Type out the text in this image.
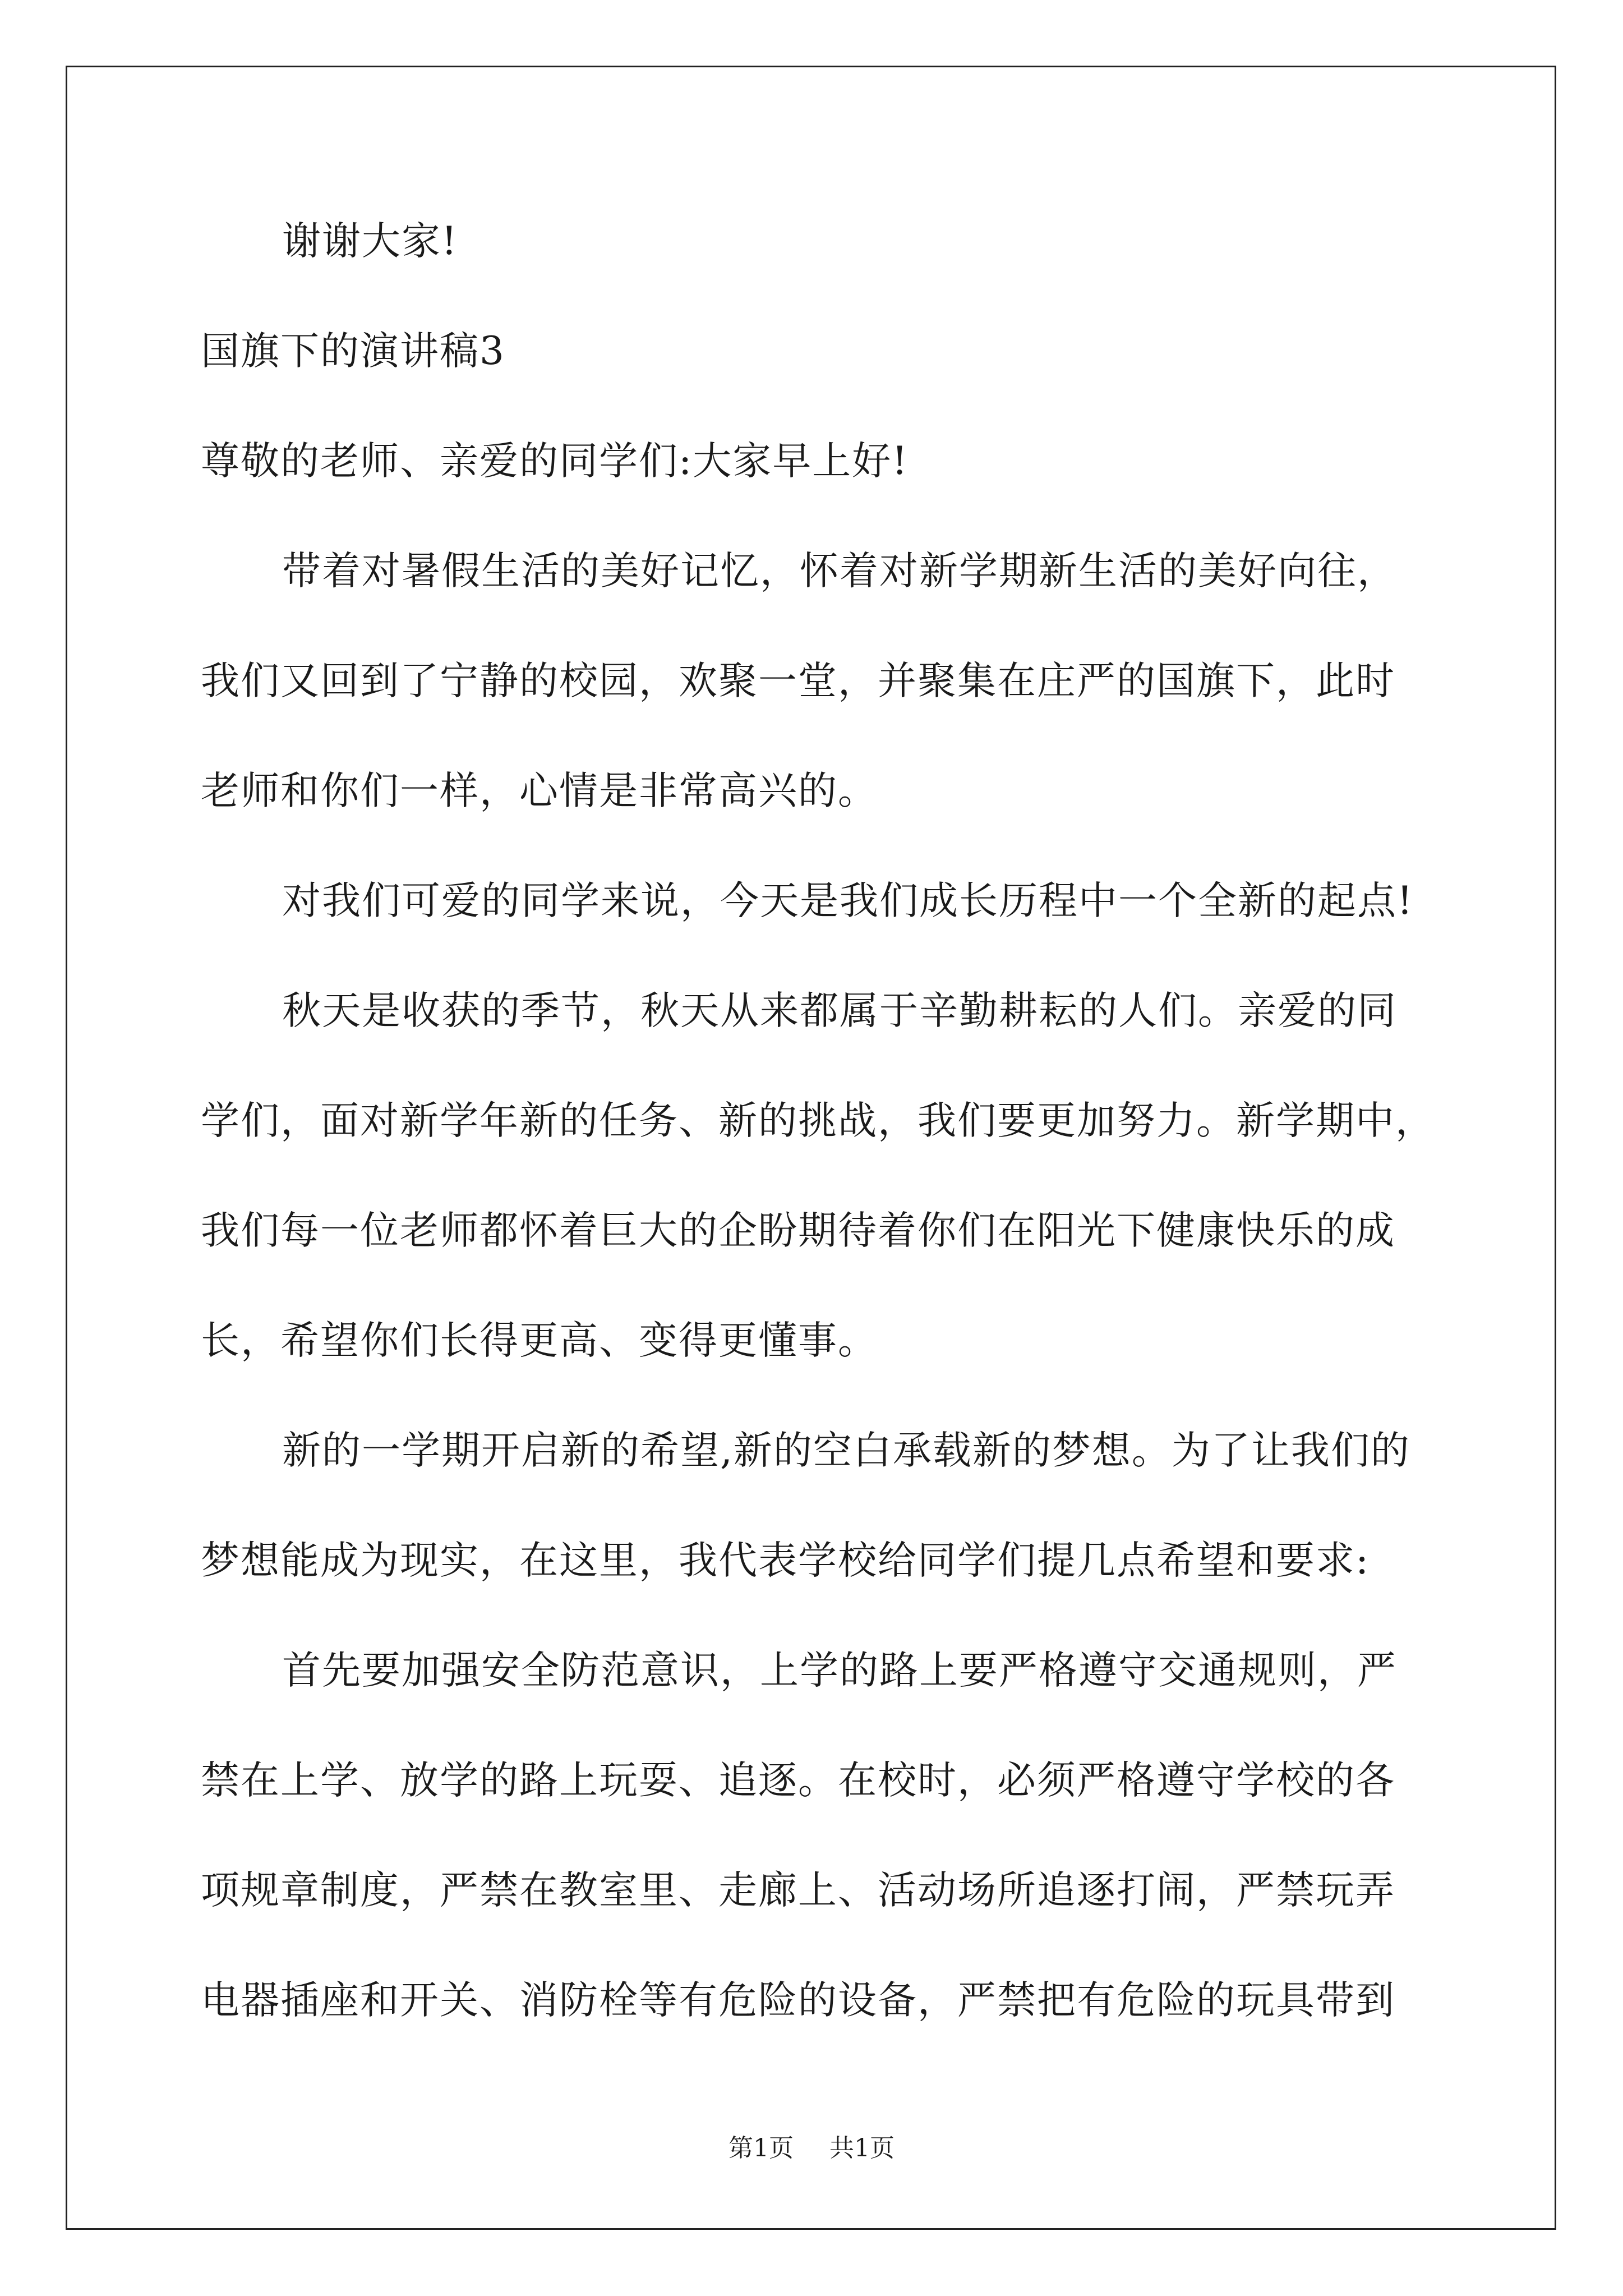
谢谢大家!
国旗下的演讲稿3
尊敬的老师、亲爱的同学们:大家早上好!
带着对暑假生活的美好记忆，怀着对新学期新生活的美好向往，
我们又回到了宁静的校园，欢聚一堂，并聚集在庄严的国旗下，此时
老师和你们一样，心情是非常高兴的。
对我们可爱的同学来说，今天是我们成长历程中一个全新的起点!
秋天是收获的季节，秋天从来都属于辛勤耕耘的人们。亲爱的同
学们，面对新学年新的任务、新的挑战，我们要更加努力。新学期中，
我们每一位老师都怀着巨大的企盼期待着你们在阳光下健康快乐的成
长，希望你们长得更高、变得更懂事。
新的一学期开启新的希望,新的空白承载新的梦想。为了让我们的
梦想能成为现实，在这里，我代表学校给同学们提几点希望和要求:
首先要加强安全防范意识，上学的路上要严格遵守交通规则，严
禁在上学、放学的路上玩耍、追逐。在校时，必须严格遵守学校的各
项规章制度，严禁在教室里、走廊上、活动场所追逐打闹，严禁玩弄
电器插座和开关、消防栓等有危险的设备，严禁把有危险的玩具带到
第1页 共1页
